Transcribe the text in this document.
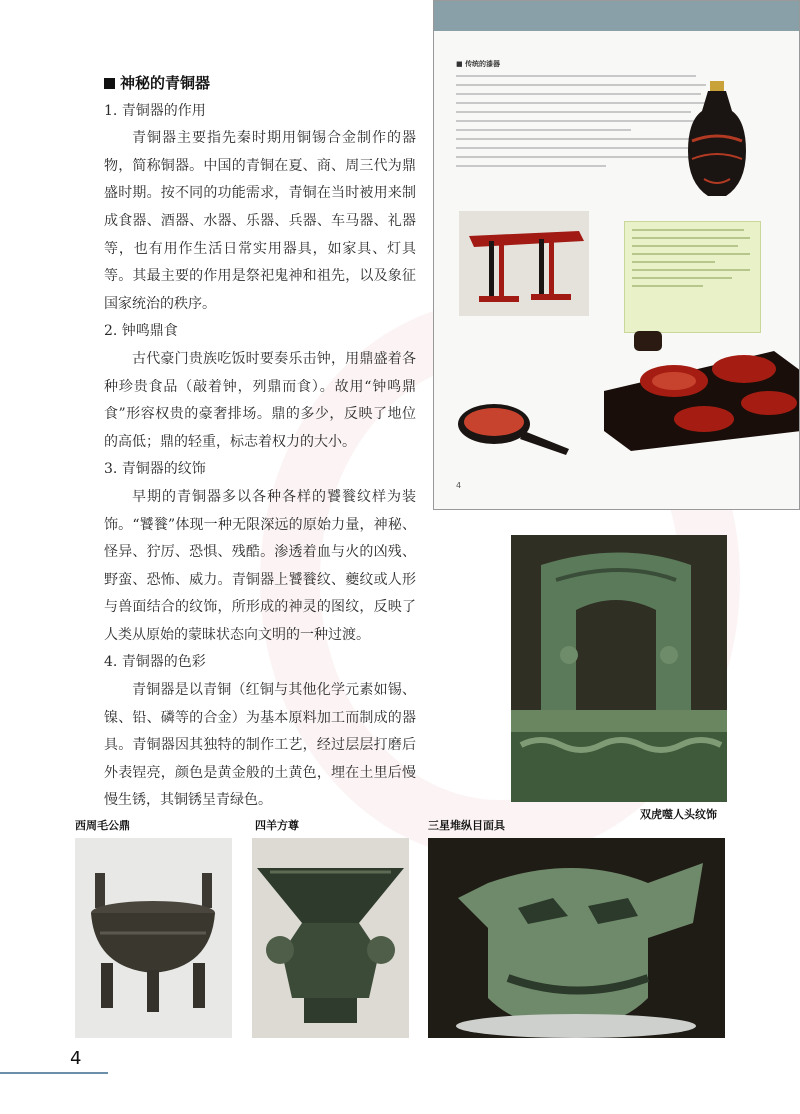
■ 传统的漆器
4
神秘的青铜器
1. 青铜器的作用
青铜器主要指先秦时期用铜锡合金制作的器物，简称铜器。中国的青铜在夏、商、周三代为鼎盛时期。按不同的功能需求，青铜在当时被用来制成食器、酒器、水器、乐器、兵器、车马器、礼器等，也有用作生活日常实用器具，如家具、灯具等。其最主要的作用是祭祀鬼神和祖先，以及象征国家统治的秩序。
2. 钟鸣鼎食
古代豪门贵族吃饭时要奏乐击钟，用鼎盛着各种珍贵食品（敲着钟，列鼎而食）。故用“钟鸣鼎食”形容权贵的豪奢排场。鼎的多少，反映了地位的高低；鼎的轻重，标志着权力的大小。
3. 青铜器的纹饰
早期的青铜器多以各种各样的饕餮纹样为装饰。“饕餮”体现一种无限深远的原始力量，神秘、怪异、狞厉、恐惧、残酷。渗透着血与火的凶残、野蛮、恐怖、威力。青铜器上饕餮纹、夔纹或人形与兽面结合的纹饰，所形成的神灵的图纹，反映了人类从原始的蒙昧状态向文明的一种过渡。
4. 青铜器的色彩
青铜器是以青铜（红铜与其他化学元素如锡、镍、铅、磷等的合金）为基本原料加工而制成的器具。青铜器因其独特的制作工艺，经过层层打磨后外表锃亮，颜色是黄金般的土黄色，埋在土里后慢慢生锈，其铜锈呈青绿色。
双虎噬人头纹饰
西周毛公鼎	四羊方尊	三星堆纵目面具
4
